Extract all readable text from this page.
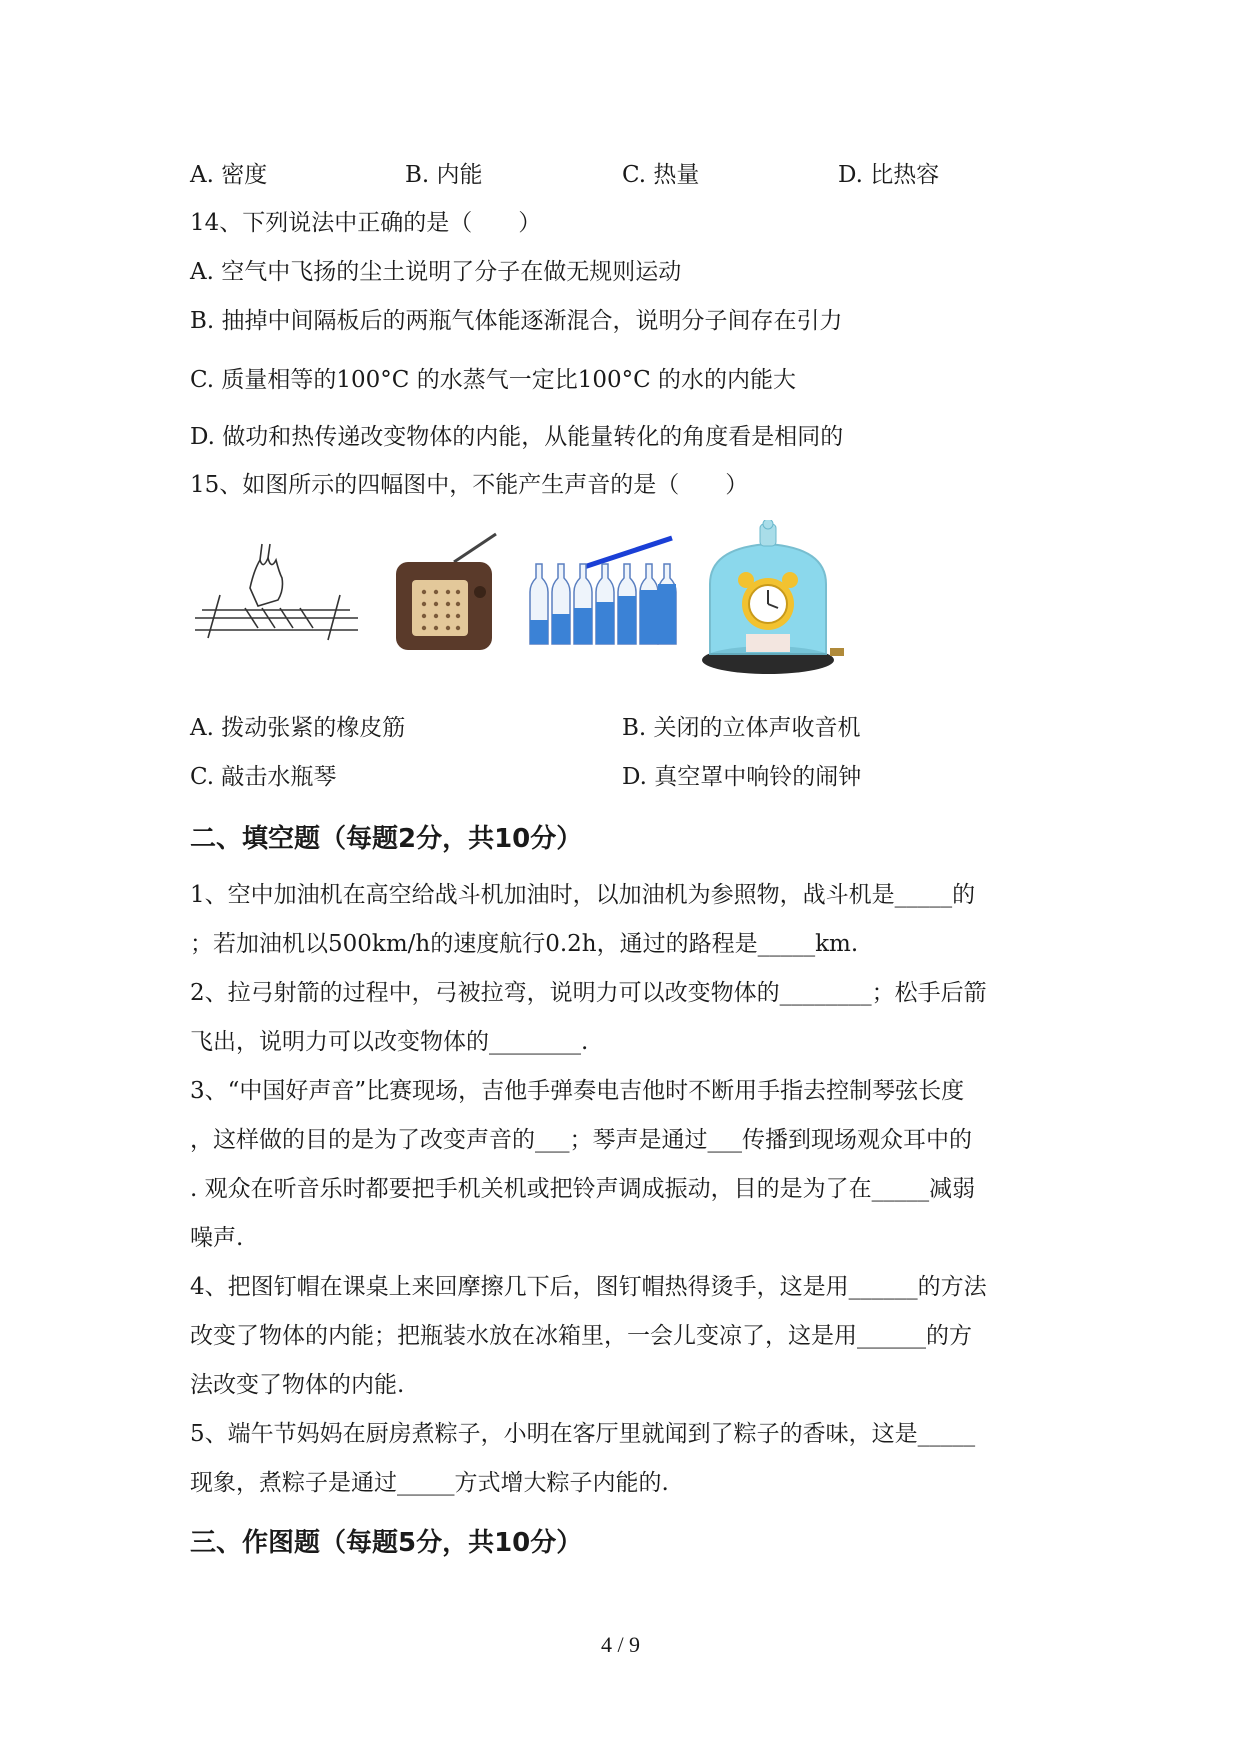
A. 密度	B. 内能	C. 热量	D. 比热容
14、下列说法中正确的是（　　）
A. 空气中飞扬的尘土说明了分子在做无规则运动
B. 抽掉中间隔板后的两瓶气体能逐渐混合，说明分子间存在引力
C. 质量相等的100°C 的水蒸气一定比100°C 的水的内能大
D. 做功和热传递改变物体的内能，从能量转化的角度看是相同的
15、如图所示的四幅图中，不能产生声音的是（　　）
A. 拨动张紧的橡皮筋	B. 关闭的立体声收音机
C. 敲击水瓶琴	D. 真空罩中响铃的闹钟
二、填空题（每题2分，共10分）
1、空中加油机在高空给战斗机加油时，以加油机为参照物，战斗机是_____的
；若加油机以500km/h的速度航行0.2h，通过的路程是_____km.
2、拉弓射箭的过程中，弓被拉弯，说明力可以改变物体的________；松手后箭
飞出，说明力可以改变物体的________.
3、“中国好声音”比赛现场，吉他手弹奏电吉他时不断用手指去控制琴弦长度
，这样做的目的是为了改变声音的___；琴声是通过___传播到现场观众耳中的
. 观众在听音乐时都要把手机关机或把铃声调成振动，目的是为了在_____减弱
噪声.
4、把图钉帽在课桌上来回摩擦几下后，图钉帽热得烫手，这是用______的方法
改变了物体的内能；把瓶装水放在冰箱里，一会儿变凉了，这是用______的方
法改变了物体的内能.
5、端午节妈妈在厨房煮粽子，小明在客厅里就闻到了粽子的香味，这是_____
现象，煮粽子是通过_____方式增大粽子内能的.
三、作图题（每题5分，共10分）
4 / 9
